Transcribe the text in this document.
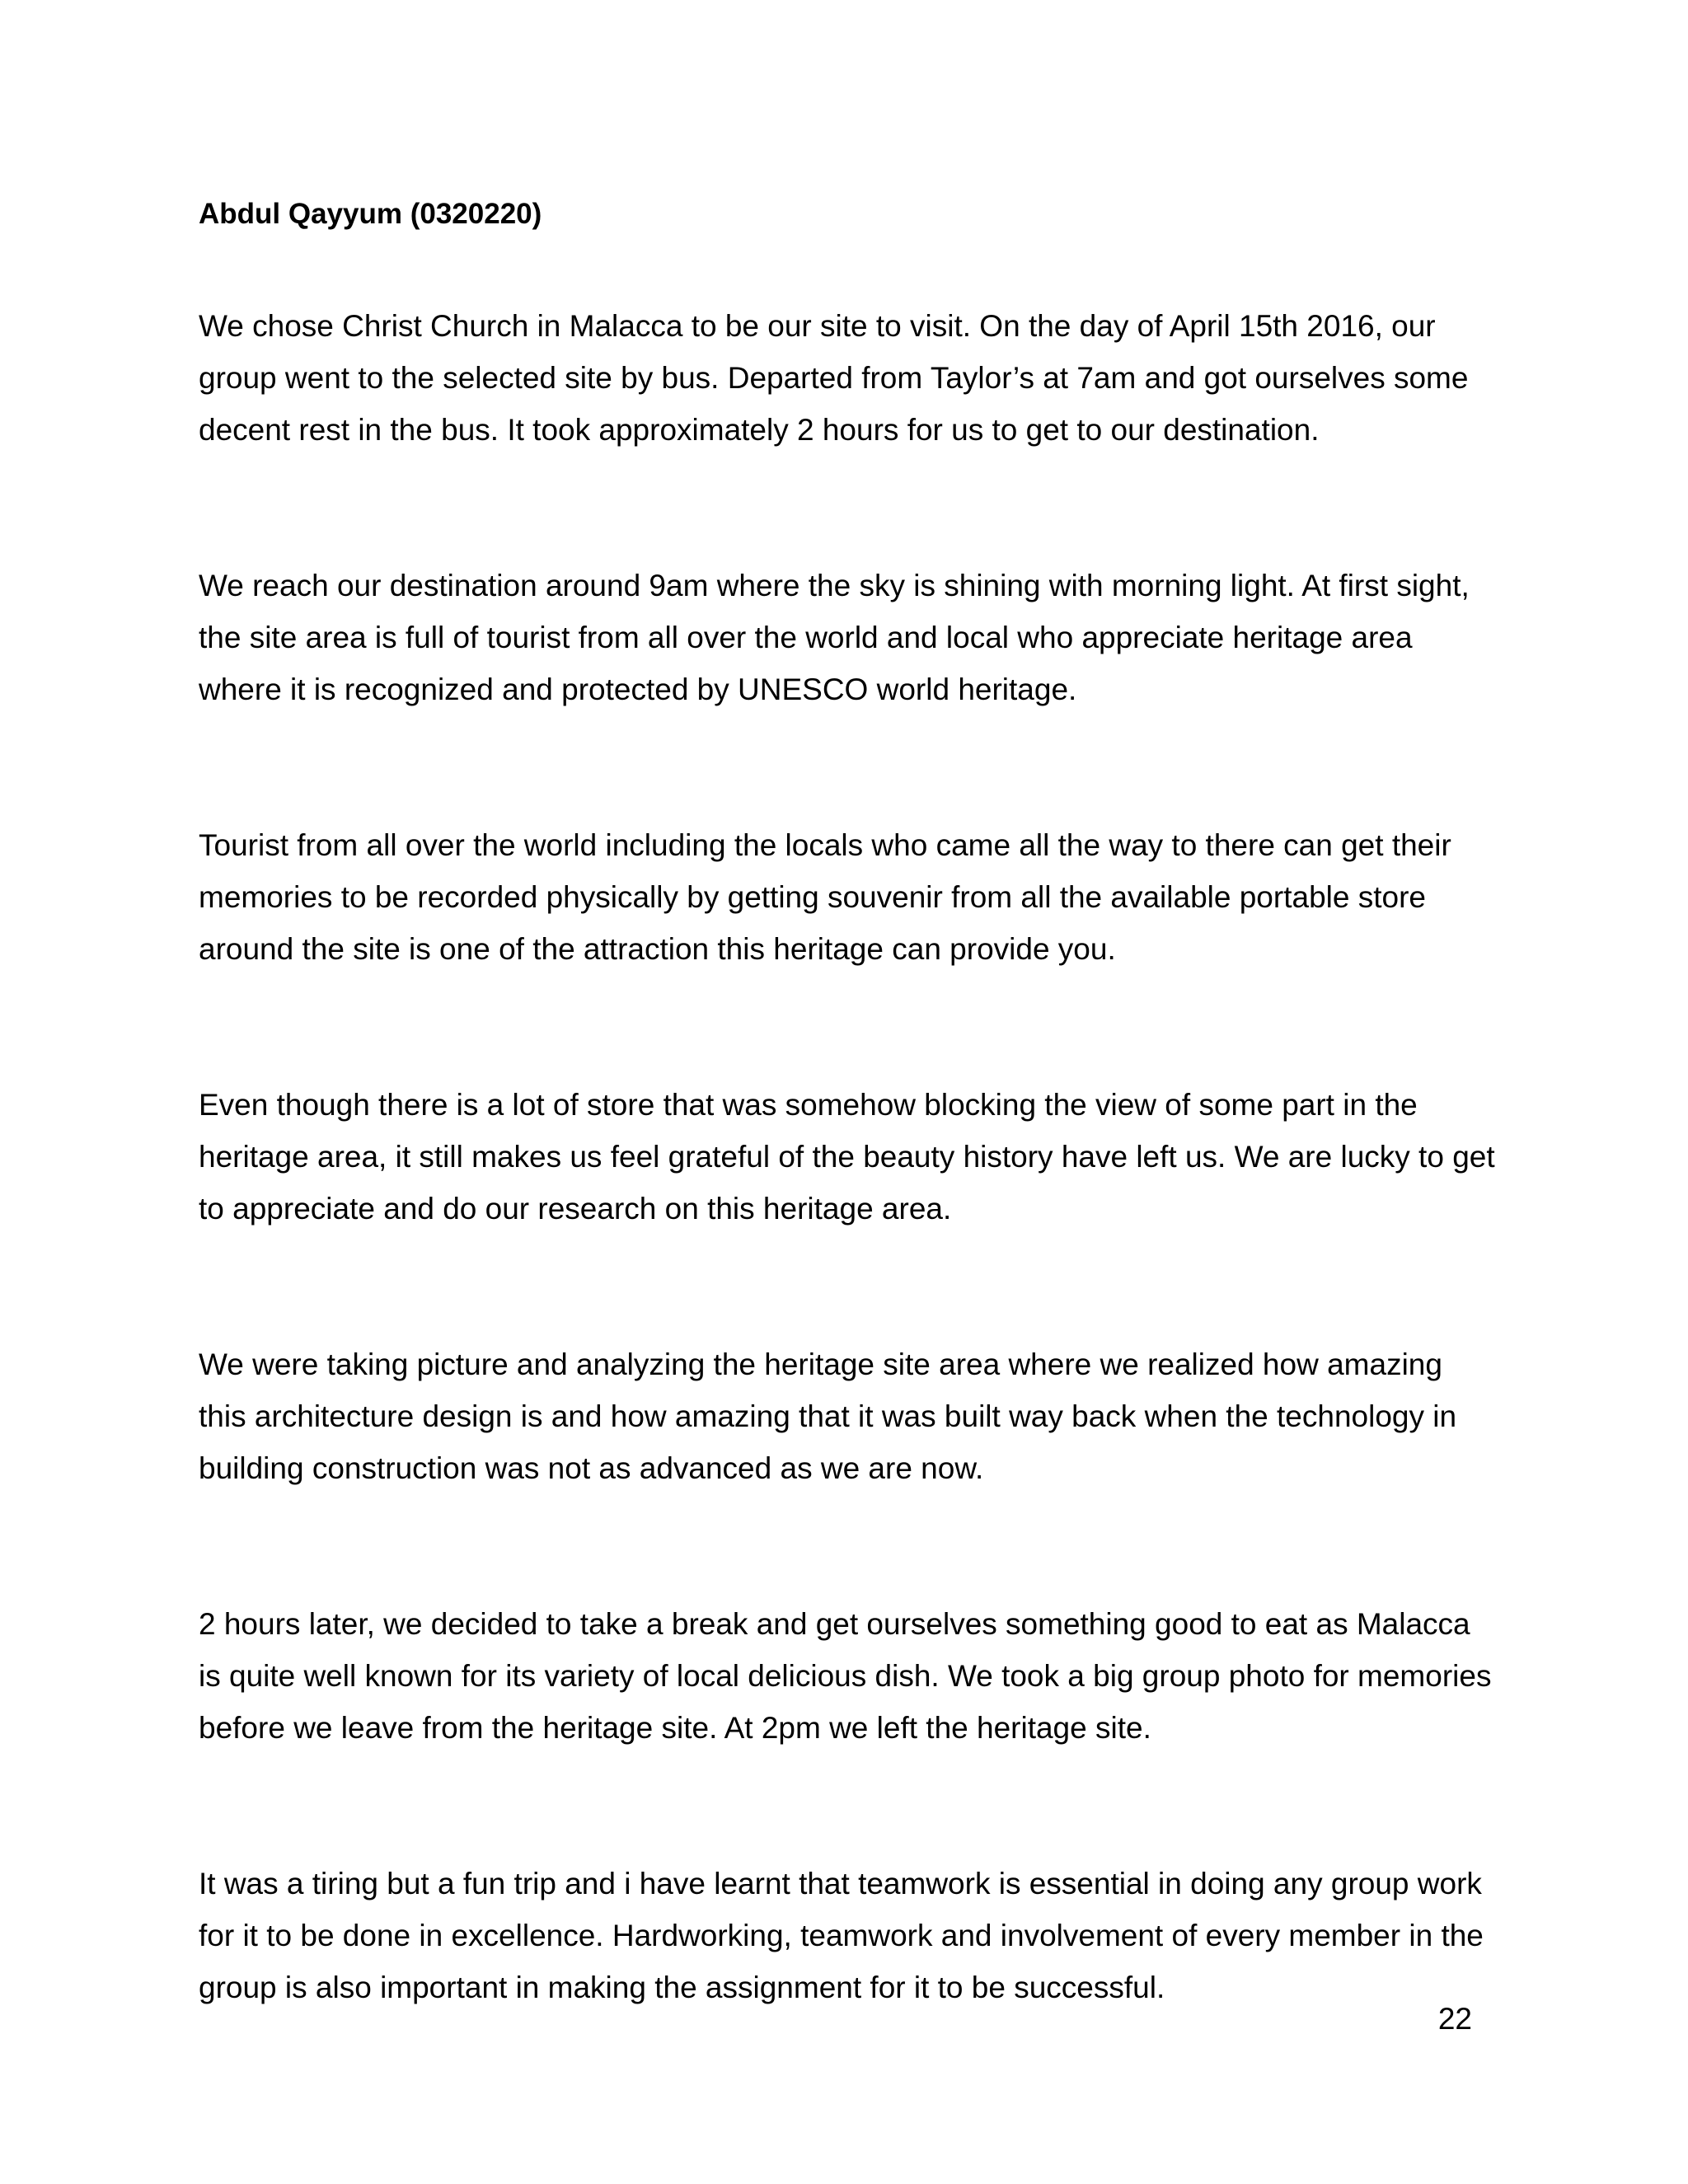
Abdul Qayyum (0320220)

We chose Christ Church in Malacca to be our site to visit. On the day of April 15th 2016, our
group went to the selected site by bus. Departed from Taylor’s at 7am and got ourselves some
decent rest in the bus. It took approximately 2 hours for us to get to our destination.

We reach our destination around 9am where the sky is shining with morning light. At first sight,
the site area is full of tourist from all over the world and local who appreciate heritage area
where it is recognized and protected by UNESCO world heritage.

Tourist from all over the world including the locals who came all the way to there can get their
memories to be recorded physically by getting souvenir from all the available portable store
around the site is one of the attraction this heritage can provide you.

Even though there is a lot of store that was somehow blocking the view of some part in the
heritage area, it still makes us feel grateful of the beauty history have left us. We are lucky to get
to appreciate and do our research on this heritage area.

We were taking picture and analyzing the heritage site area where we realized how amazing
this architecture design is and how amazing that it was built way back when the technology in
building construction was not as advanced as we are now.

2 hours later, we decided to take a break and get ourselves something good to eat as Malacca
is quite well known for its variety of local delicious dish. We took a big group photo for memories
before we leave from the heritage site. At 2pm we left the heritage site.

It was a tiring but a fun trip and i have learnt that teamwork is essential in doing any group work
for it to be done in excellence. Hardworking, teamwork and involvement of every member in the
group is also important in making the assignment for it to be successful.

22
